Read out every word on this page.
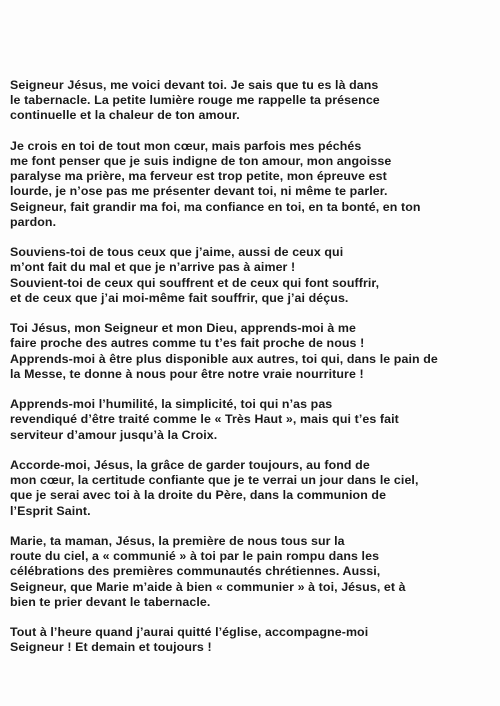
Seigneur Jésus, me voici devant toi. Je sais que tu es là dans
le tabernacle. La petite lumière rouge me rappelle ta présence
continuelle et la chaleur de ton amour.
Je crois en toi de tout mon cœur, mais parfois mes péchés
me font penser que je suis indigne de ton amour, mon angoisse
paralyse ma prière, ma ferveur est trop petite, mon épreuve est
lourde, je n’ose pas me présenter devant toi, ni même te parler.
Seigneur, fait grandir ma foi, ma confiance en toi, en ta bonté, en ton
pardon.
Souviens-toi de tous ceux que j’aime, aussi de ceux qui
m’ont fait du mal et que je n’arrive pas à aimer !
Souvient-toi de ceux qui souffrent et de ceux qui font souffrir,
et de ceux que j’ai moi-même fait souffrir, que j’ai déçus.
Toi Jésus, mon Seigneur et mon Dieu, apprends-moi à me
faire proche des autres comme tu t’es fait proche de nous !
Apprends-moi à être plus disponible aux autres, toi qui, dans le pain de
la Messe, te donne à nous pour être notre vraie nourriture !
Apprends-moi l’humilité, la simplicité, toi qui n’as pas
revendiqué d’être traité comme le « Très Haut », mais qui t’es fait
serviteur d’amour jusqu’à la Croix.
Accorde-moi, Jésus, la grâce de garder toujours, au fond de
mon cœur, la certitude confiante que je te verrai un jour dans le ciel,
que je serai avec toi à la droite du Père, dans la communion de
l’Esprit Saint.
Marie, ta maman, Jésus, la première de nous tous sur la
route du ciel, a « communié » à toi par le pain rompu dans les
célébrations des premières communautés chrétiennes. Aussi,
Seigneur, que Marie m’aide à bien « communier » à toi, Jésus, et à
bien te prier devant le tabernacle.
Tout à l’heure quand j’aurai quitté l’église, accompagne-moi
Seigneur ! Et demain et toujours !
